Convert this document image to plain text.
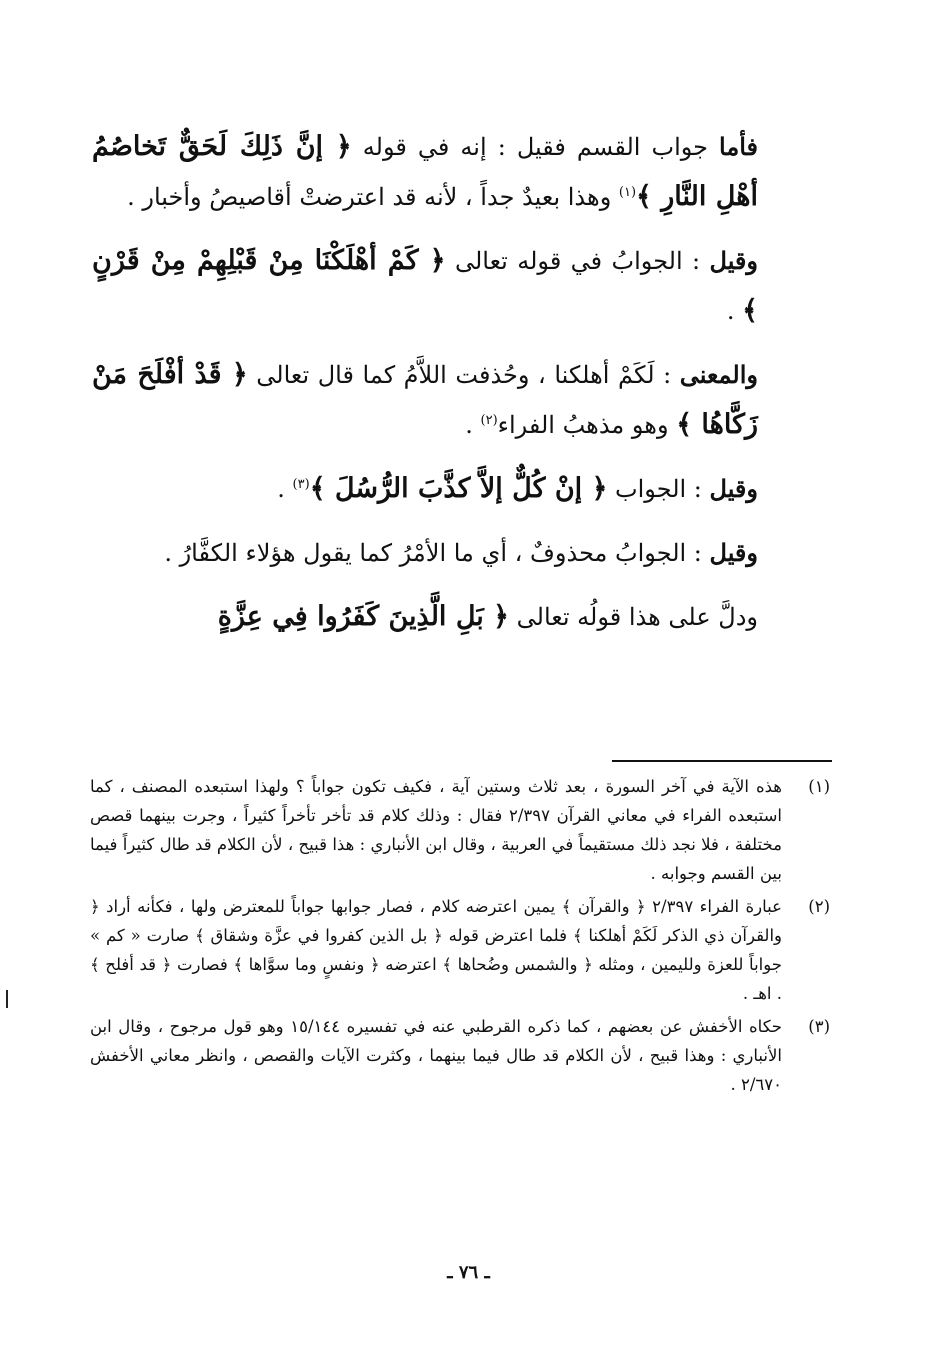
فأما جواب القسم فقيل : إنه في قوله ﴿ إنَّ ذَلِكَ لَحَقٌّ تَخاصُمُ أهْلِ النَّارِ ﴾$^{(١)}$ وهذا بعيدٌ جداً ، لأنه قد اعترضتْ أقاصيصُ وأخبار .

وقيل : الجوابُ في قوله تعالى ﴿ كَمْ أهْلَكْنَا مِنْ قَبْلِهِمْ مِنْ قَرْنٍ ﴾ .

والمعنى : لَكَمْ أهلكنا ، وحُذفت اللاَّمُ كما قال تعالى ﴿ قَدْ أفْلَحَ مَنْ زَكَّاهُا ﴾ وهو مذهبُ الفراء$^{(٢)}$ .

وقيل : الجواب ﴿ إنْ كُلٌّ إلاَّ كذَّبَ الرُّسُلَ ﴾$^{(٣)}$ .

وقيل : الجوابُ محذوفٌ ، أي ما الأمْرُ كما يقول هؤلاء الكفَّارُ .

ودلَّ على هذا قولُه تعالى ﴿ بَلِ الَّذِينَ كَفَرُوا فِي عِزَّةٍ

(١)
هذه الآية في آخر السورة ، بعد ثلاث وستين آية ، فكيف تكون جواباً ؟ ولهذا استبعده المصنف ، كما استبعده الفراء في معاني القرآن ٢/٣٩٧ فقال : وذلك كلام قد تأخر تأخراً كثيراً ، وجرت بينهما قصص مختلفة ، فلا نجد ذلك مستقيماً في العربية ، وقال ابن الأنباري : هذا قبيح ، لأن الكلام قد طال كثيراً فيما بين القسم وجوابه .
(٢)
عبارة الفراء ٢/٣٩٧ ﴿ والقرآن ﴾ يمين اعترضه كلام ، فصار جوابها جواباً للمعترض ولها ، فكأنه أراد ﴿ والقرآن ذي الذكر لَكَمْ أهلكنا ﴾ فلما اعترض قوله ﴿ بل الذين كفروا في عزَّة وشقاق ﴾ صارت « كم » جواباً للعزة ولليمين ، ومثله ﴿ والشمس وضُحاها ﴾ اعترضه ﴿ ونفسٍ وما سوَّاها ﴾ فصارت ﴿ قد أفلح ﴾ . اهـ .
(٣)
حكاه الأخفش عن بعضهم ، كما ذكره القرطبي عنه في تفسيره ١٥/١٤٤ وهو قول مرجوح ، وقال ابن الأنباري : وهذا قبيح ، لأن الكلام قد طال فيما بينهما ، وكثرت الآيات والقصص ، وانظر معاني الأخفش ٢/٦٧٠ .
ـ ٧٦ ـ
